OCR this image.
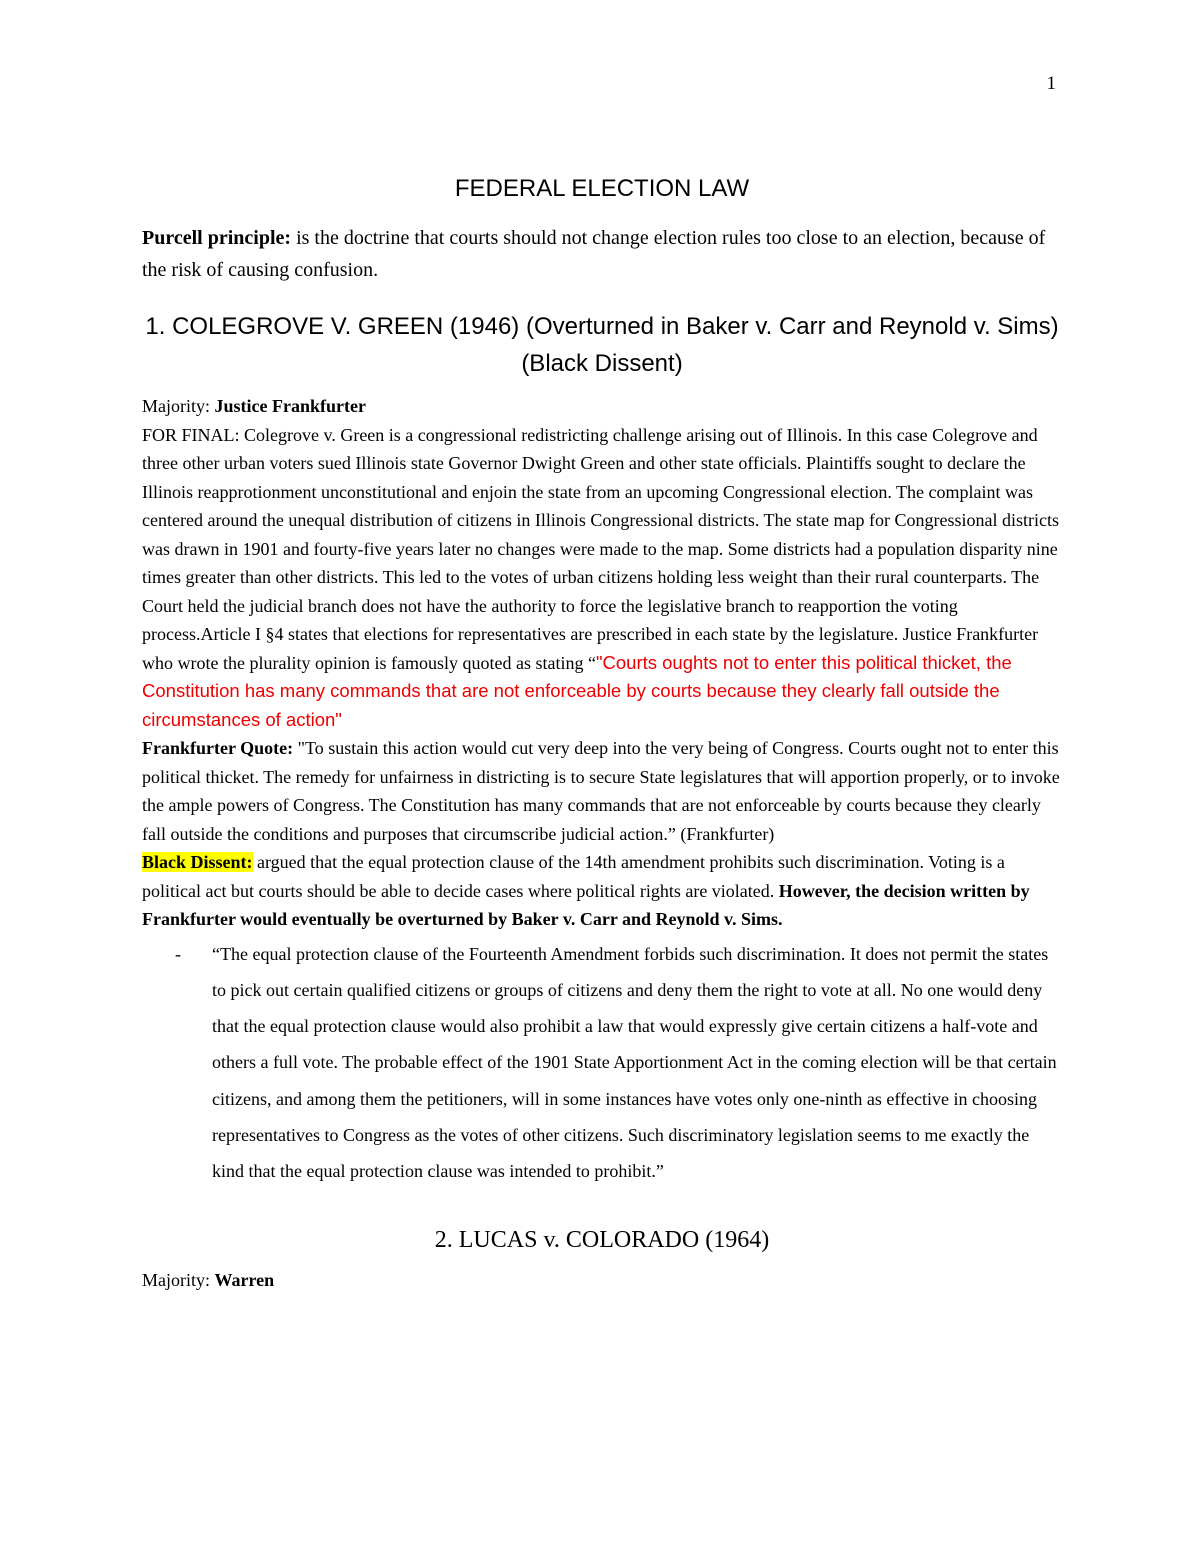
1
FEDERAL ELECTION LAW

Purcell principle: is the doctrine that courts should not change election rules too close to an election, because of the risk of causing confusion.

1. COLEGROVE V. GREEN (1946) (Overturned in Baker v. Carr and Reynold v. Sims) (Black Dissent)

Majority: Justice Frankfurter

FOR FINAL: Colegrove v. Green is a congressional redistricting challenge arising out of Illinois. In this case Colegrove and three other urban voters sued Illinois state Governor Dwight Green and other state officials. Plaintiffs sought to declare the Illinois reapprotionment unconstitutional and enjoin the state from an upcoming Congressional election. The complaint was centered around the unequal distribution of citizens in Illinois Congressional districts. The state map for Congressional districts was drawn in 1901 and fourty-five years later no changes were made to the map. Some districts had a population disparity nine times greater than other districts. This led to the votes of urban citizens holding less weight than their rural counterparts. The Court held the judicial branch does not have the authority to force the legislative branch to reapportion the voting process.Article I §4 states that elections for representatives are prescribed in each state by the legislature. Justice Frankfurter who wrote the plurality opinion is famously quoted as stating “"Courts oughts not to enter this political thicket, the Constitution has many commands that are not enforceable by courts because they clearly fall outside the circumstances of action"

Frankfurter Quote: "To sustain this action would cut very deep into the very being of Congress. Courts ought not to enter this political thicket. The remedy for unfairness in districting is to secure State legislatures that will apportion properly, or to invoke the ample powers of Congress. The Constitution has many commands that are not enforceable by courts because they clearly fall outside the conditions and purposes that circumscribe judicial action.” (Frankfurter)

Black Dissent: argued that the equal protection clause of the 14th amendment prohibits such discrimination. Voting is a political act but courts should be able to decide cases where political rights are violated. However, the decision written by Frankfurter would eventually be overturned by Baker v. Carr and Reynold v. Sims.

- “The equal protection clause of the Fourteenth Amendment forbids such discrimination. It does not permit the states to pick out certain qualified citizens or groups of citizens and deny them the right to vote at all. No one would deny that the equal protection clause would also prohibit a law that would expressly give certain citizens a half-vote and others a full vote. The probable effect of the 1901 State Apportionment Act in the coming election will be that certain citizens, and among them the petitioners, will in some instances have votes only one-ninth as effective in choosing representatives to Congress as the votes of other citizens. Such discriminatory legislation seems to me exactly the kind that the equal protection clause was intended to prohibit.”
2. LUCAS v. COLORADO (1964)

Majority: Warren
